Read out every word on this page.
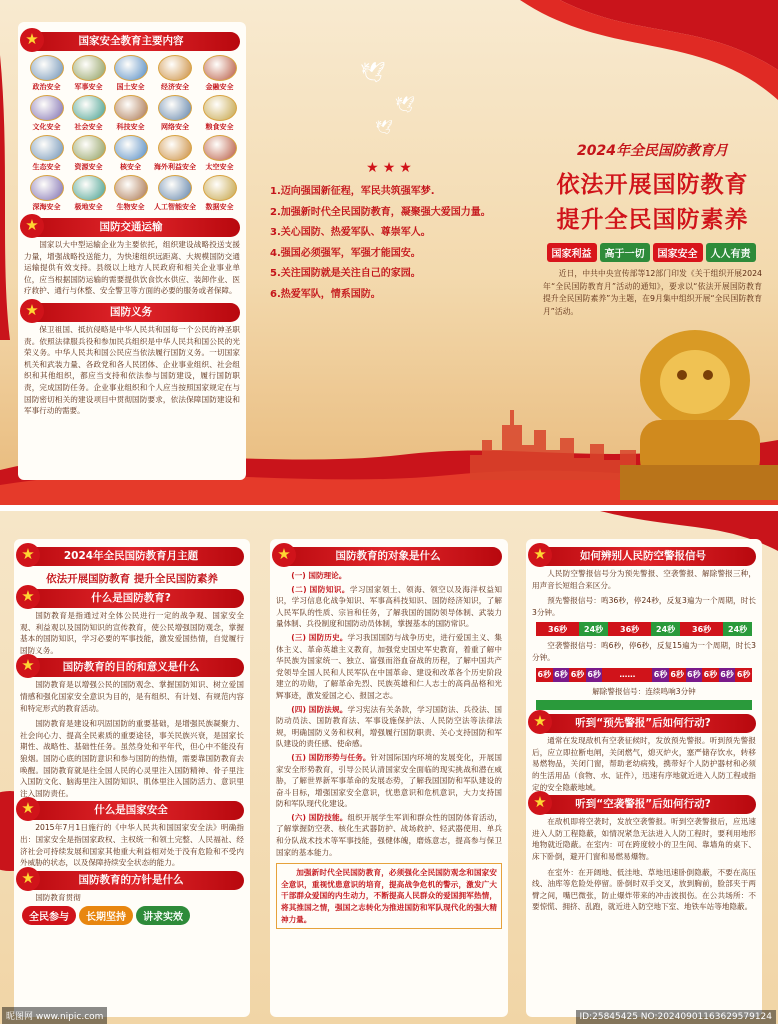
🕊
🕊
🕊
★	国家安全教育主要内容
政治安全	军事安全	国土安全	经济安全	金融安全
文化安全	社会安全	科技安全	网络安全	粮食安全
生态安全	资源安全	核安全	海外利益安全	太空安全
深海安全	极地安全	生物安全	人工智能安全	数据安全
★	国防交通运输
国家以大中型运输企业为主要依托，组织建设战略投送支援力量，增强战略投送能力，为快速组织远距离、大规模国防交通运输提供有效支持。县级以上地方人民政府和相关企业事业单位，应当根据国防运输的需要提供饮食饮水供应、装卸作业、医疗救护、通行与休整、安全警卫等方面的必要的服务或者保障。
★	国防义务
保卫祖国、抵抗侵略是中华人民共和国每一个公民的神圣职责。依照法律服兵役和参加民兵组织是中华人民共和国公民的光荣义务。中华人民共和国公民应当依法履行国防义务。一切国家机关和武装力量、各政党和各人民团体、企业事业组织、社会组织和其他组织，都应当支持和依法参与国防建设，履行国防职责，完成国防任务。企业事业组织和个人应当按照国家规定在与国防密切相关的建设项目中贯彻国防要求，依法保障国防建设和军事行动的需要。
★★★
1.迈向强国新征程，军民共筑强军梦.
2.加强新时代全民国防教育，凝聚强大爱国力量。
3.关心国防、热爱军队、尊崇军人。
4.强国必须强军，军强才能国安。
5.关注国防就是关注自己的家园。
6.热爱军队，情系国防。
2024年全民国防教育月
依法开展国防教育
提升全民国防素养
国家利益 高于一切 国家安全 人人有责
近日，中共中央宣传部等12部门印发《关于组织开展2024年“全民国防教育月”活动的通知》，要求以“依法开展国防教育 提升全民国防素养”为主题，在9月集中组织开展“全民国防教育月”活动。
★	2024年全民国防教育月主题
依法开展国防教育 提升全民国防素养
★	什么是国防教育?
国防教育是指通过对全体公民进行一定的战争观、国家安全观、利益观以及国防知识的宣传教育，使公民增强国防观念，掌握基本的国防知识，学习必要的军事技能，激发爱国热情，自觉履行国防义务。
★	国防教育的目的和意义是什么
国防教育是以增强公民的国防观念、掌握国防知识、树立爱国情感和强化国家安全意识为目的，是有组织、有计划、有规范内容和特定形式的教育活动。
国防教育是建设和巩固国防的重要基础，是增强民族凝聚力、社会向心力、提高全民素质的重要途径，事关民族兴衰，是国家长期性、战略性、基础性任务。虽然身处和平年代，但心中不能没有狼烟。国防心底的国防意识和参与国防的热情，需要靠国防教育去唤醒。国防教育就是往全国人民的心灵里注入国防精神、骨子里注入国防文化、脑海里注入国防知识、肌体里注入国防活力、意识里注入国防责任。
★	什么是国家安全
2015年7月1日施行的《中华人民共和国国家安全法》明确指出：国家安全是指国家政权、主权统一和领土完整、人民福祉、经济社会可持续发展和国家其他重大利益相对处于没有危险和不受内外威胁的状态，以及保障持续安全状态的能力。
★	国防教育的方针是什么
国防教育贯彻
全民参与 长期坚持 讲求实效
★	国防教育的对象是什么
(一) 国防理论。
(二) 国防知识。学习国家领土、领海、领空以及海洋权益知识，学习信息化战争知识、军事高科技知识、国防经济知识，了解人民军队的性质、宗旨和任务，了解我国的国防领导体制、武装力量体制、兵役制度和国防动员体制，掌握基本的国防常识。
(三) 国防历史。学习我国国防与战争历史，进行爱国主义、集体主义、革命英雄主义教育，加强党史国史军史教育，着重了解中华民族为国家统一、独立、富强而浴血奋战的历程，了解中国共产党领导全国人民和人民军队在中国革命、建设和改革各个历史阶段建立的功勋，了解革命先烈、民族英雄和仁人志士的高尚品格和光辉事迹，激发爱国之心、报国之志。
(四) 国防法规。学习宪法有关条款，学习国防法、兵役法、国防动员法、国防教育法、军事设施保护法、人民防空法等法律法规，明确国防义务和权利，增强履行国防职责、关心支持国防和军队建设的责任感、使命感。
(五) 国防形势与任务。针对国际国内环境的发展变化，开展国家安全形势教育，引导公民认清国家安全面临的现实挑战和潜在威胁，了解世界新军事革命的发展态势，了解我国国防和军队建设的奋斗目标，增强国家安全意识，忧患意识和危机意识，大力支持国防和军队现代化建设。
(六) 国防技能。组织开展学生军训和群众性的国防体育活动，了解掌握防空袭、核化生武器防护、战场救护、轻武器使用、单兵和分队战术技术等军事技能，强健体魄，磨炼意志，提高参与保卫国家的基本能力。
加强新时代全民国防教育，必须强化全民国防观念和国家安全意识，重视忧患意识的培育，提高战争危机的警示，激发广大干部群众爱国的内生动力，不断提高人民群众的爱国拥军热情，将其推国之情，强国之志转化为推进国防和军队现代化的强大精神力量。
★	如何辨别人民防空警报信号
人民防空警报信号分为预先警报、空袭警报、解除警报三种，用声音长短组合来区分。
预先警报信号：鸣36秒，停24秒，反复3遍为一个周期，时长3分钟。
36秒	24秒	36秒	24秒	36秒	24秒
空袭警报信号：鸣6秒，停6秒，反复15遍为一个周期，时长3分钟。
6秒 6秒 6秒 6秒	……	6秒 6秒 6秒 6秒 6秒 6秒
解除警报信号：连续鸣响3分钟
★	听到“预先警报”后如何行动?
通常在发现敌机有空袭征候时，发放预先警报。听到预先警报后，应立即拉断电闸，关闭燃气，熄灭炉火，塞严储存饮水，转移易燃物品，关闭门窗，帮助老幼病残，携带好个人防护器材和必须的生活用品（食物、水、证件），迅速有序地就近进入人防工程或指定的安全隐蔽地域。
★	听到“空袭警报”后如何行动?
在敌机即将空袭时，发放空袭警报。听到空袭警报后，应迅速进入人防工程隐蔽，如情况紧急无法进入人防工程时，要利用地形地物就近隐蔽。在室内：可在跨度较小的卫生间、靠墙角的桌下、床下卧倒，避开门窗和易燃易爆物。
在室外：在开阔地、低洼地、草地迅速卧倒隐蔽，不要在高压线、油库等危险处停留。卧倒时双手交叉，放到胸前，脸部夹于两臂之间，嘴巴微张，防止爆炸带来的冲击波损伤。在公共场所：不要惊慌、拥挤、乱跑，就近进入防空地下室、地铁车站等地隐蔽。
昵图网 www.nipic.com	ID:25845425 NO:20240901163629579124
